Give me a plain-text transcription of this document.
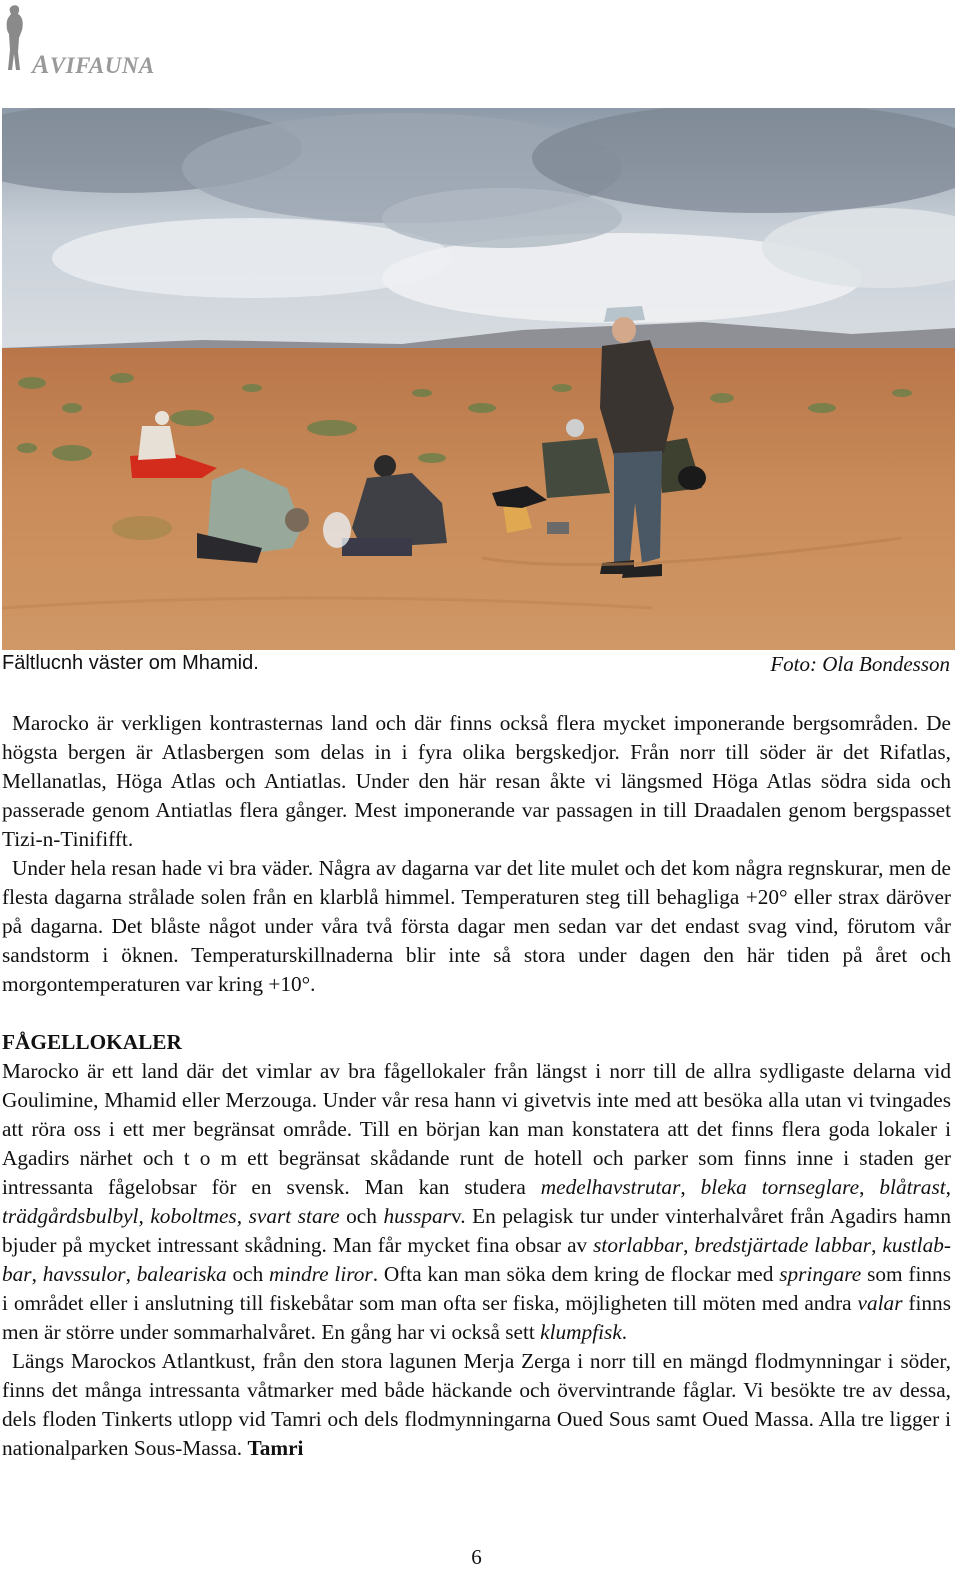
AVIFAUNA
Fältlucnh väster om Mhamid.	Foto: Ola Bondesson

Marocko är verkligen kontrasternas land och där finns också flera mycket imponerande bergsområden. De högsta bergen är Atlasbergen som delas in i fyra olika bergskedjor. Från norr till söder är det Rifatlas, Mellanatlas, Höga Atlas och Antiatlas. Under den här resan åkte vi längsmed Höga Atlas södra sida och passerade genom Antiatlas flera gånger. Mest imponerande var passagen in till Draadalen genom bergspasset Tizi-n-Tinififft.

Under hela resan hade vi bra väder. Några av dagarna var det lite mulet och det kom några regnskurar, men de flesta dagarna strålade solen från en klarblå himmel. Temperaturen steg till behagliga +20° eller strax däröver på dagarna. Det blåste något under våra två första dagar men sedan var det endast svag vind, förutom vår sandstorm i öknen. Temperaturskillnaderna blir inte så stora under dagen den här tiden på året och morgontemperaturen var kring +10°.

FÅGELLOKALER

Marocko är ett land där det vimlar av bra fågellokaler från längst i norr till de allra sydligaste delarna vid Goulimine, Mhamid eller Merzouga. Under vår resa hann vi givetvis inte med att besöka alla utan vi tvingades att röra oss i ett mer begränsat område. Till en början kan man konstatera att det finns flera goda lokaler i Agadirs närhet och t o m ett begränsat skådande runt de hotell och parker som finns inne i staden ger intressanta fågelobsar för en svensk. Man kan studera medelhavstrutar, bleka tornseglare, blåtrast, trädgårdsbulbyl, koboltmes, svart stare och hussparv. En pelagisk tur under vinterhalvåret från Agadirs hamn bjuder på mycket intressant skådning. Man får mycket fina obsar av storlabbar, bredstjärtade labbar, kustlabbar, havssulor, baleariska och mindre liror. Ofta kan man söka dem kring de flockar med springare som finns i området eller i anslutning till fiskebåtar som man ofta ser fiska, möjligheten till möten med andra valar finns men är större under sommarhalvåret. En gång har vi också sett klumpfisk.

Längs Marockos Atlantkust, från den stora lagunen Merja Zerga i norr till en mängd flodmynningar i söder, finns det många intressanta våtmarker med både häckande och övervintrande fåglar. Vi besökte tre av dessa, dels floden Tinkerts utlopp vid Tamri och dels flodmynningarna Oued Sous samt Oued Massa. Alla tre ligger i nationalparken Sous-Massa. Tamri

6
